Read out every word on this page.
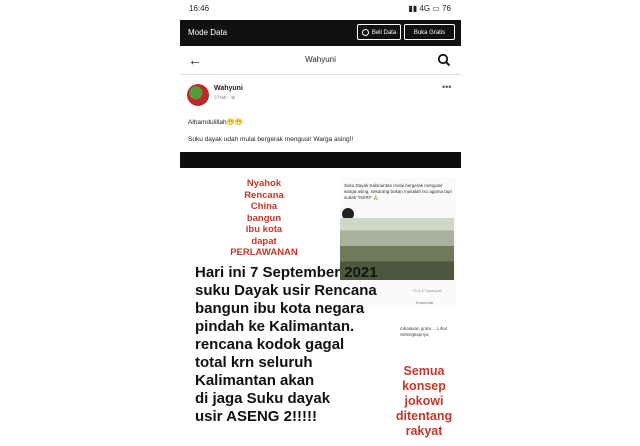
16:46	▮▮ 4G ▭ 76
Mode Data	Beli Data	Buka Gratis
←	Wahyuni
Wahyuni
3 hari · ⊕
•••
Alhamdulillah😁😁
Suku dayak udah mulai bergerak mengusir Warga asing!!
Nyahok
Rencana
China
bangun
ibu kota
dapat
PERLAWANAN
Suku Dayak Kalimantan mulai bergerak mengusir warga asing, sekarang bukan masalah isu agama tapi sudah *NKRI* 🙏
79 & 8 Tayangan
Komentar
mbalasan grata ... Lihat Selengkapnya
Hari ini 7 September 2021
suku Dayak usir Rencana
bangun ibu kota negara
pindah ke Kalimantan.
rencana kodok gagal
total krn seluruh
Kalimantan akan
di jaga Suku dayak
usir ASENG 2!!!!!
Semua
konsep
jokowi
ditentang
rakyat
